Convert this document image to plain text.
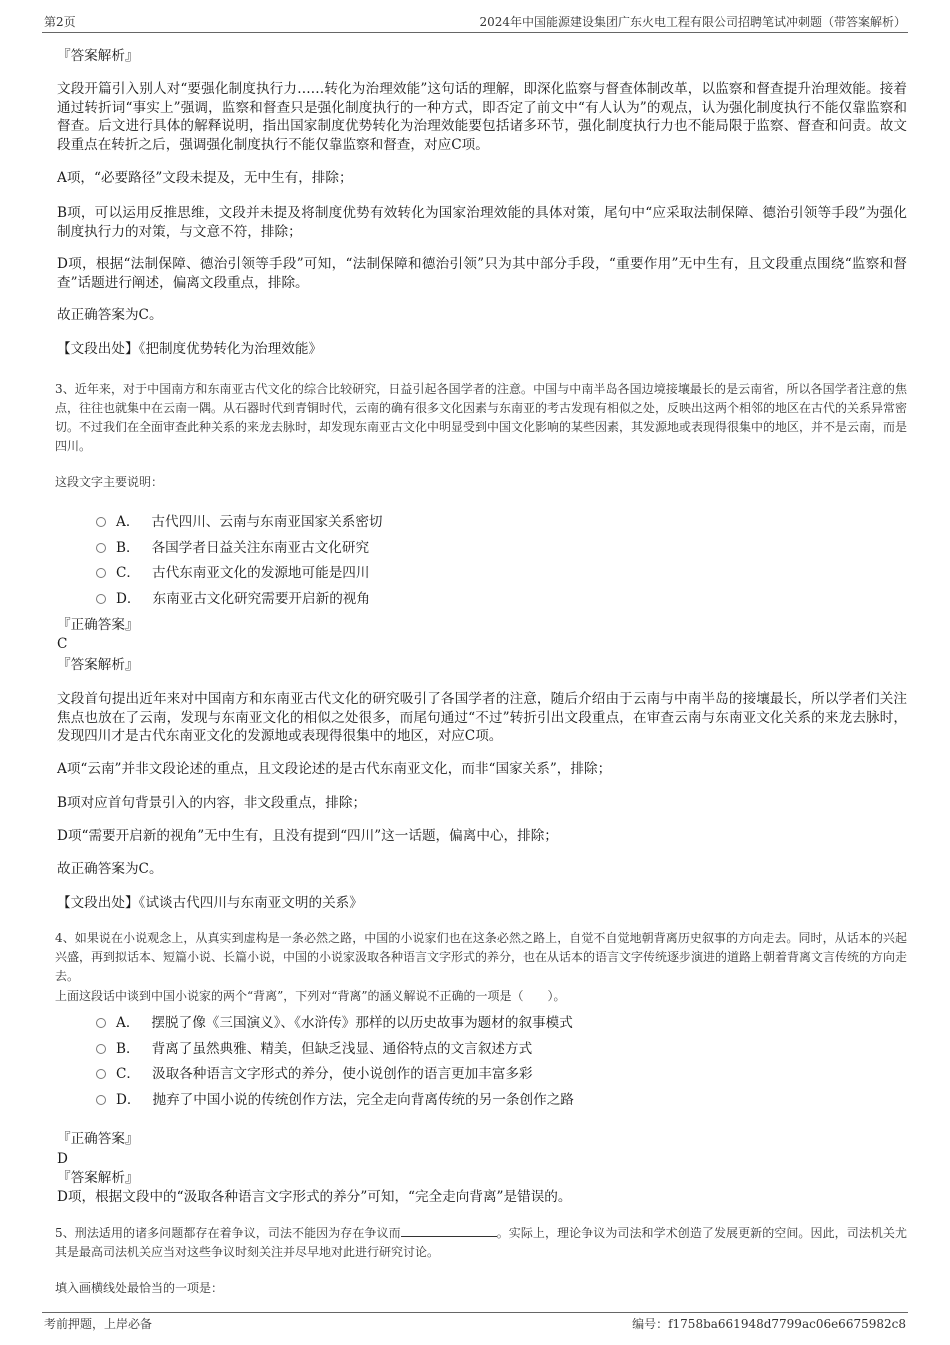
第2页	2024年中国能源建设集团广东火电工程有限公司招聘笔试冲刺题（带答案解析）
『答案解析』
文段开篇引入别人对“要强化制度执行力……转化为治理效能”这句话的理解，即深化监察与督查体制改革，以监察和督查提升治理效能。接着通过转折词“事实上”强调，监察和督查只是强化制度执行的一种方式，即否定了前文中“有人认为”的观点，认为强化制度执行不能仅靠监察和督查。后文进行具体的解释说明，指出国家制度优势转化为治理效能要包括诸多环节，强化制度执行力也不能局限于监察、督查和问责。故文段重点在转折之后，强调强化制度执行不能仅靠监察和督查，对应C项。
A项，“必要路径”文段未提及，无中生有，排除；
B项，可以运用反推思维，文段并未提及将制度优势有效转化为国家治理效能的具体对策，尾句中“应采取法制保障、德治引领等手段”为强化制度执行力的对策，与文意不符，排除；
D项，根据“法制保障、德治引领等手段”可知，“法制保障和德治引领”只为其中部分手段，“重要作用”无中生有，且文段重点围绕“监察和督查”话题进行阐述，偏离文段重点，排除。
故正确答案为C。
【文段出处】《把制度优势转化为治理效能》
3、近年来，对于中国南方和东南亚古代文化的综合比较研究，日益引起各国学者的注意。中国与中南半岛各国边境接壤最长的是云南省，所以各国学者注意的焦点，往往也就集中在云南一隅。从石器时代到青铜时代，云南的确有很多文化因素与东南亚的考古发现有相似之处，反映出这两个相邻的地区在古代的关系异常密切。不过我们在全面审查此种关系的来龙去脉时，却发现东南亚古文化中明显受到中国文化影响的某些因素，其发源地或表现得很集中的地区，并不是云南，而是四川。
这段文字主要说明：
A． 古代四川、云南与东南亚国家关系密切
B． 各国学者日益关注东南亚古文化研究
C． 古代东南亚文化的发源地可能是四川
D． 东南亚古文化研究需要开启新的视角
『正确答案』
C
『答案解析』
文段首句提出近年来对中国南方和东南亚古代文化的研究吸引了各国学者的注意，随后介绍由于云南与中南半岛的接壤最长，所以学者们关注焦点也放在了云南，发现与东南亚文化的相似之处很多，而尾句通过“不过”转折引出文段重点，在审查云南与东南亚文化关系的来龙去脉时，发现四川才是古代东南亚文化的发源地或表现得很集中的地区，对应C项。
A项“云南”并非文段论述的重点，且文段论述的是古代东南亚文化，而非“国家关系”，排除；
B项对应首句背景引入的内容，非文段重点，排除；
D项“需要开启新的视角”无中生有，且没有提到“四川”这一话题，偏离中心，排除；
故正确答案为C。
【文段出处】《试谈古代四川与东南亚文明的关系》
4、如果说在小说观念上，从真实到虚构是一条必然之路，中国的小说家们也在这条必然之路上，自觉不自觉地朝背离历史叙事的方向走去。同时，从话本的兴起兴盛，再到拟话本、短篇小说、长篇小说，中国的小说家汲取各种语言文字形式的养分，也在从话本的语言文字传统逐步演进的道路上朝着背离文言传统的方向走去。
上面这段话中谈到中国小说家的两个“背离”，下列对“背离”的涵义解说不正确的一项是（　　）。
A． 摆脱了像《三国演义》、《水浒传》那样的以历史故事为题材的叙事模式
B． 背离了虽然典雅、精美，但缺乏浅显、通俗特点的文言叙述方式
C． 汲取各种语言文字形式的养分，使小说创作的语言更加丰富多彩
D． 抛弃了中国小说的传统创作方法，完全走向背离传统的另一条创作之路
『正确答案』
D
『答案解析』
D项，根据文段中的“汲取各种语言文字形式的养分”可知，“完全走向背离”是错误的。
5、刑法适用的诸多问题都存在着争议，司法不能因为存在争议而	。实际上，理论争议为司法和学术创造了发展更新的空间。因此，司法机关尤其是最高司法机关应当对这些争议时刻关注并尽早地对此进行研究讨论。
填入画横线处最恰当的一项是：
考前押题，上岸必备	编号：f1758ba661948d7799ac06e6675982c8
